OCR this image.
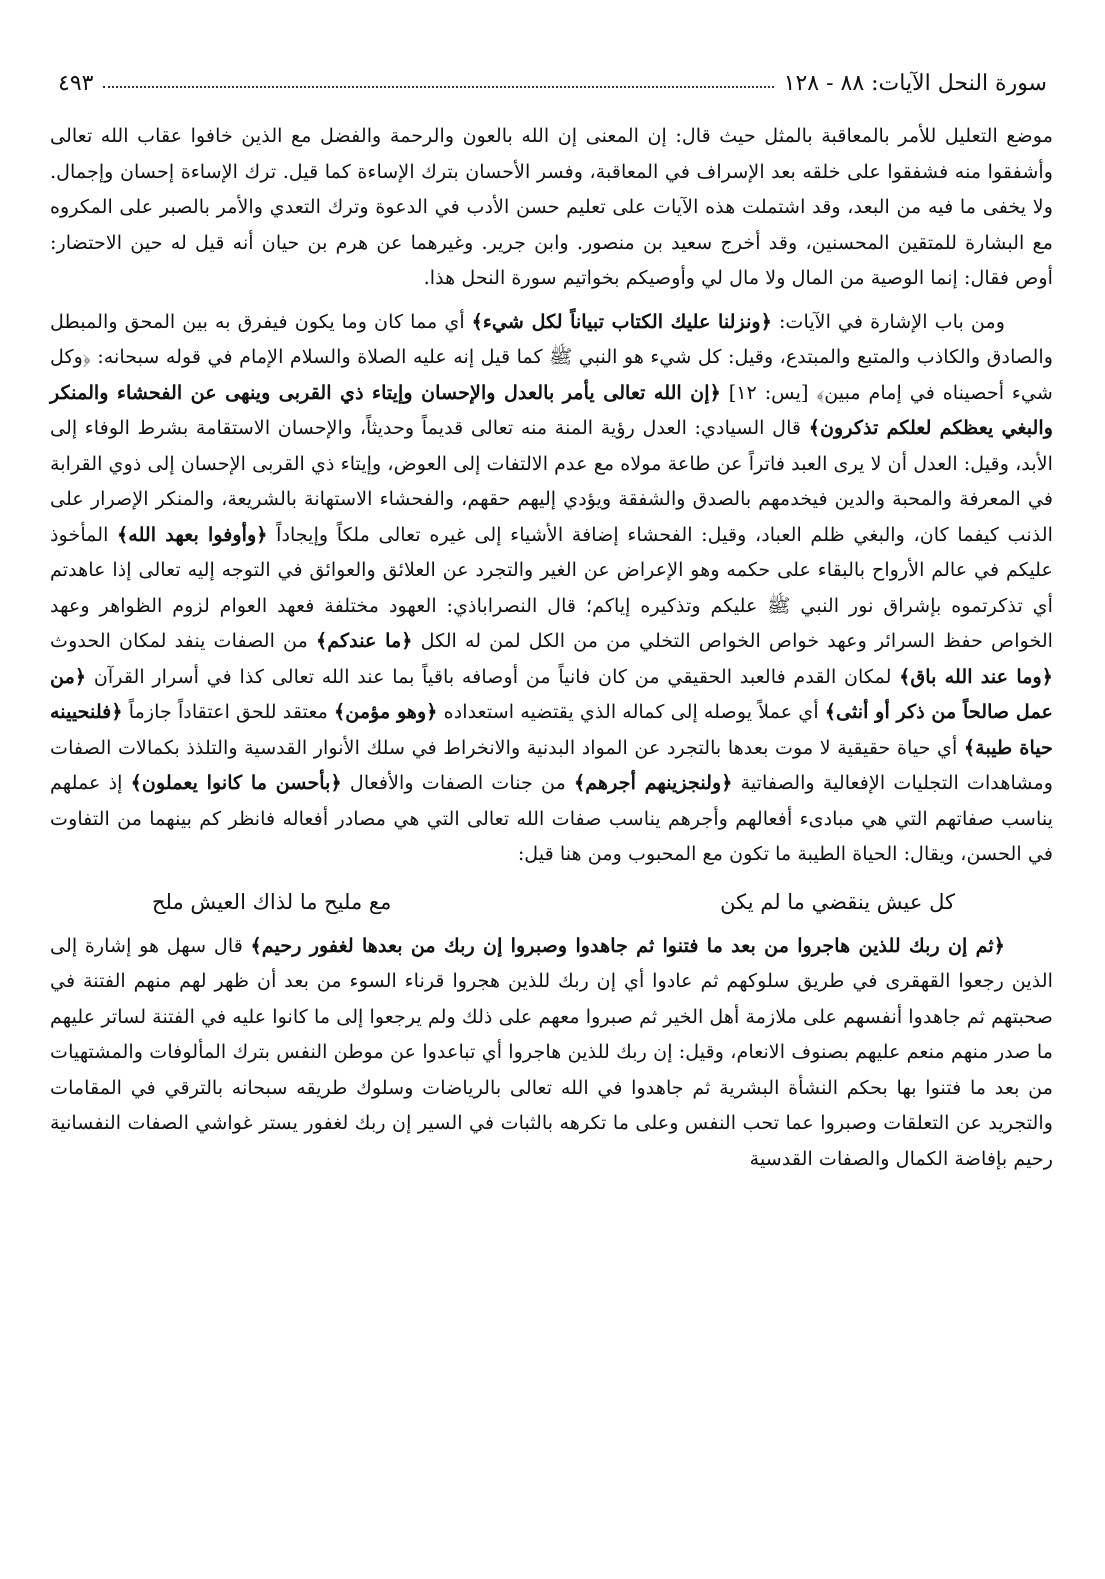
سورة النحل الآيات: ٨٨ - ١٢٨
٤٩٣

موضع التعليل للأمر بالمعاقبة بالمثل حيث قال: إن المعنى إن الله بالعون والرحمة والفضل مع الذين خافوا عقاب الله تعالى وأشفقوا منه فشفقوا على خلقه بعد الإسراف في المعاقبة، وفسر الأحسان بترك الإساءة كما قيل. ترك الإساءة إحسان وإجمال. ولا يخفى ما فيه من البعد، وقد اشتملت هذه الآيات على تعليم حسن الأدب في الدعوة وترك التعدي والأمر بالصبر على المكروه مع البشارة للمتقين المحسنين، وقد أخرج سعيد بن منصور. وابن جرير. وغيرهما عن هرم بن حيان أنه قيل له حين الاحتضار: أوص فقال: إنما الوصية من المال ولا مال لي وأوصيكم بخواتيم سورة النحل هذا.

ومن باب الإشارة في الآيات: ﴿ونزلنا عليك الكتاب تبياناً لكل شيء﴾ أي مما كان وما يكون فيفرق به بين المحق والمبطل والصادق والكاذب والمتبع والمبتدع، وقيل: كل شيء هو النبي ﷺ كما قيل إنه عليه الصلاة والسلام الإمام في قوله سبحانه: ﴿وكل شيء أحصيناه في إمام مبين﴾ [يس: ١٢] ﴿إن الله تعالى يأمر بالعدل والإحسان وإيتاء ذي القربى وينهى عن الفحشاء والمنكر والبغي يعظكم لعلكم تذكرون﴾ قال السيادي: العدل رؤية المنة منه تعالى قديماً وحديثاً، والإحسان الاستقامة بشرط الوفاء إلى الأبد، وقيل: العدل أن لا يرى العبد فاتراً عن طاعة مولاه مع عدم الالتفات إلى العوض، وإيتاء ذي القربى الإحسان إلى ذوي القرابة في المعرفة والمحبة والدين فيخدمهم بالصدق والشفقة ويؤدي إليهم حقهم، والفحشاء الاستهانة بالشريعة، والمنكر الإصرار على الذنب كيفما كان، والبغي ظلم العباد، وقيل: الفحشاء إضافة الأشياء إلى غيره تعالى ملكاً وإيجاداً ﴿وأوفوا بعهد الله﴾ المأخوذ عليكم في عالم الأرواح بالبقاء على حكمه وهو الإعراض عن الغير والتجرد عن العلائق والعوائق في التوجه إليه تعالى إذا عاهدتم أي تذكرتموه بإشراق نور النبي ﷺ عليكم وتذكيره إياكم؛ قال النصراباذي: العهود مختلفة فعهد العوام لزوم الظواهر وعهد الخواص حفظ السرائر وعهد خواص الخواص التخلي من من الكل لمن له الكل ﴿ما عندكم﴾ من الصفات ينفد لمكان الحدوث ﴿وما عند الله باق﴾ لمكان القدم فالعبد الحقيقي من كان فانياً من أوصافه باقياً بما عند الله تعالى كذا في أسرار القرآن ﴿من عمل صالحاً من ذكر أو أنثى﴾ أي عملاً يوصله إلى كماله الذي يقتضيه استعداده ﴿وهو مؤمن﴾ معتقد للحق اعتقاداً جازماً ﴿فلنحيينه حياة طيبة﴾ أي حياة حقيقية لا موت بعدها بالتجرد عن المواد البدنية والانخراط في سلك الأنوار القدسية والتلذذ بكمالات الصفات ومشاهدات التجليات الإفعالية والصفاتية ﴿ولنجزينهم أجرهم﴾ من جنات الصفات والأفعال ﴿بأحسن ما كانوا يعملون﴾ إذ عملهم يناسب صفاتهم التي هي مبادىء أفعالهم وأجرهم يناسب صفات الله تعالى التي هي مصادر أفعاله فانظر كم بينهما من التفاوت في الحسن، ويقال: الحياة الطيبة ما تكون مع المحبوب ومن هنا قيل:

كل عيش ينقضي ما لم يكن
مع مليح ما لذاك العيش ملح

﴿ثم إن ربك للذين هاجروا من بعد ما فتنوا ثم جاهدوا وصبروا إن ربك من بعدها لغفور رحيم﴾ قال سهل هو إشارة إلى الذين رجعوا القهقرى في طريق سلوكهم ثم عادوا أي إن ربك للذين هجروا قرناء السوء من بعد أن ظهر لهم منهم الفتنة في صحبتهم ثم جاهدوا أنفسهم على ملازمة أهل الخير ثم صبروا معهم على ذلك ولم يرجعوا إلى ما كانوا عليه في الفتنة لساتر عليهم ما صدر منهم منعم عليهم بصنوف الانعام، وقيل: إن ربك للذين هاجروا أي تباعدوا عن موطن النفس بترك المألوفات والمشتهيات من بعد ما فتنوا بها بحكم النشأة البشرية ثم جاهدوا في الله تعالى بالرياضات وسلوك طريقه سبحانه بالترقي في المقامات والتجريد عن التعلقات وصبروا عما تحب النفس وعلى ما تكرهه بالثبات في السير إن ربك لغفور يستر غواشي الصفات النفسانية رحيم بإفاضة الكمال والصفات القدسية
